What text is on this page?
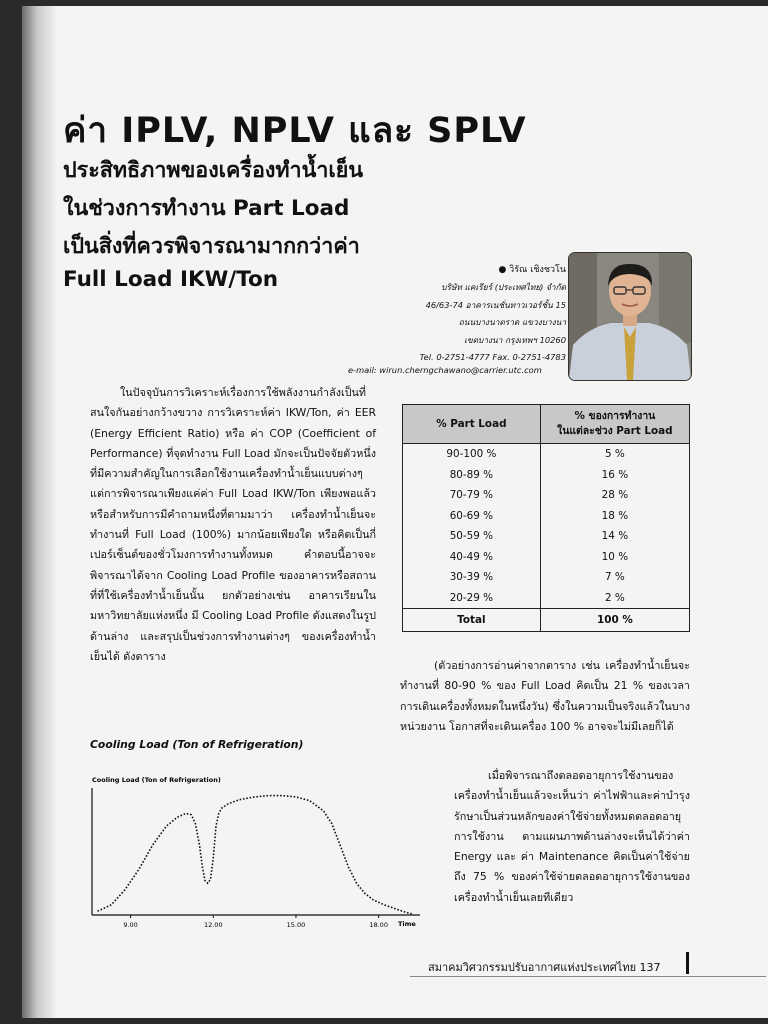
ค่า IPLV, NPLV และ SPLV
ประสิทธิภาพของเครื่องทำน้ำเย็น
ในช่วงการทำงาน Part Load
เป็นสิ่งที่ควรพิจารณามากกว่าค่า
Full Load IKW/Ton	● วิรัณ เชิงชวโน
บริษัท แคเรียร์ (ประเทศไทย) จำกัด
46/63-74 อาคารเนชั่นทาวเวอร์ชั้น 15
ถนนบางนาตราด แขวงบางนา
เขตบางนา กรุงเทพฯ 10260
Tel. 0-2751-4777 Fax. 0-2751-4783
e-mail: wirun.cherngchawano@carrier.utc.com

ในปัจจุบันการวิเคราะห์เรื่องการใช้พลังงานกำลังเป็นที่สนใจกันอย่างกว้างขวาง การวิเคราะห์ค่า IKW/Ton, ค่า EER (Energy Efficient Ratio) หรือ ค่า COP (Coefficient of Performance) ที่จุดทำงาน Full Load มักจะเป็นปัจจัยตัวหนึ่งที่มีความสำคัญในการเลือกใช้งานเครื่องทำน้ำเย็นแบบต่างๆ แต่การพิจารณาเพียงแค่ค่า Full Load IKW/Ton เพียงพอแล้วหรือสำหรับการมีคำถามหนึ่งที่ตามมาว่า เครื่องทำน้ำเย็นจะทำงานที่ Full Load (100%) มากน้อยเพียงใด หรือคิดเป็นกี่เปอร์เซ็นต์ของชั่วโมงการทำงานทั้งหมด คำตอบนี้อาจจะพิจารณาได้จาก Cooling Load Profile ของอาคารหรือสถานที่ที่ใช้เครื่องทำน้ำเย็นนั้น ยกตัวอย่างเช่น อาคารเรียนในมหาวิทยาลัยแห่งหนึ่ง มี Cooling Load Profile ดังแสดงในรูปด้านล่าง และสรุปเป็นช่วงการทำงานต่างๆ ของเครื่องทำน้ำเย็นได้ ดังตาราง

% Part Load	% ของการทำงาน
ในแต่ละช่วง Part Load

90-100 %	5 %
80-89 %	16 %
70-79 %	28 %
60-69 %	18 %
50-59 %	14 %
40-49 %	10 %
30-39 %	7 %
20-29 %	2 %
Total	100 %

(ตัวอย่างการอ่านค่าจากตาราง เช่น เครื่องทำน้ำเย็นจะทำงานที่ 80-90 % ของ Full Load คิดเป็น 21 % ของเวลาการเดินเครื่องทั้งหมดในหนึ่งวัน) ซึ่งในความเป็นจริงแล้วในบางหน่วยงาน โอกาสที่จะเดินเครื่อง 100 % อาจจะไม่มีเลยก็ได้

เมื่อพิจารณาถึงตลอดอายุการใช้งานของเครื่องทำน้ำเย็นแล้วจะเห็นว่า ค่าไฟฟ้าและค่าบำรุงรักษาเป็นส่วนหลักของค่าใช้จ่ายทั้งหมดตลอดอายุการใช้งาน ตามแผนภาพด้านล่างจะเห็นได้ว่าค่า Energy และ ค่า Maintenance คิดเป็นค่าใช้จ่ายถึง 75 % ของค่าใช้จ่ายตลอดอายุการใช้งานของเครื่องทำน้ำเย็นเลยทีเดียว

Cooling Load (Ton of Refrigeration)
Cooling Load (Ton of Refrigeration)
9.00	12.00	15.00	18.00 Time
สมาคมวิศวกรรมปรับอากาศแห่งประเทศไทย 137
